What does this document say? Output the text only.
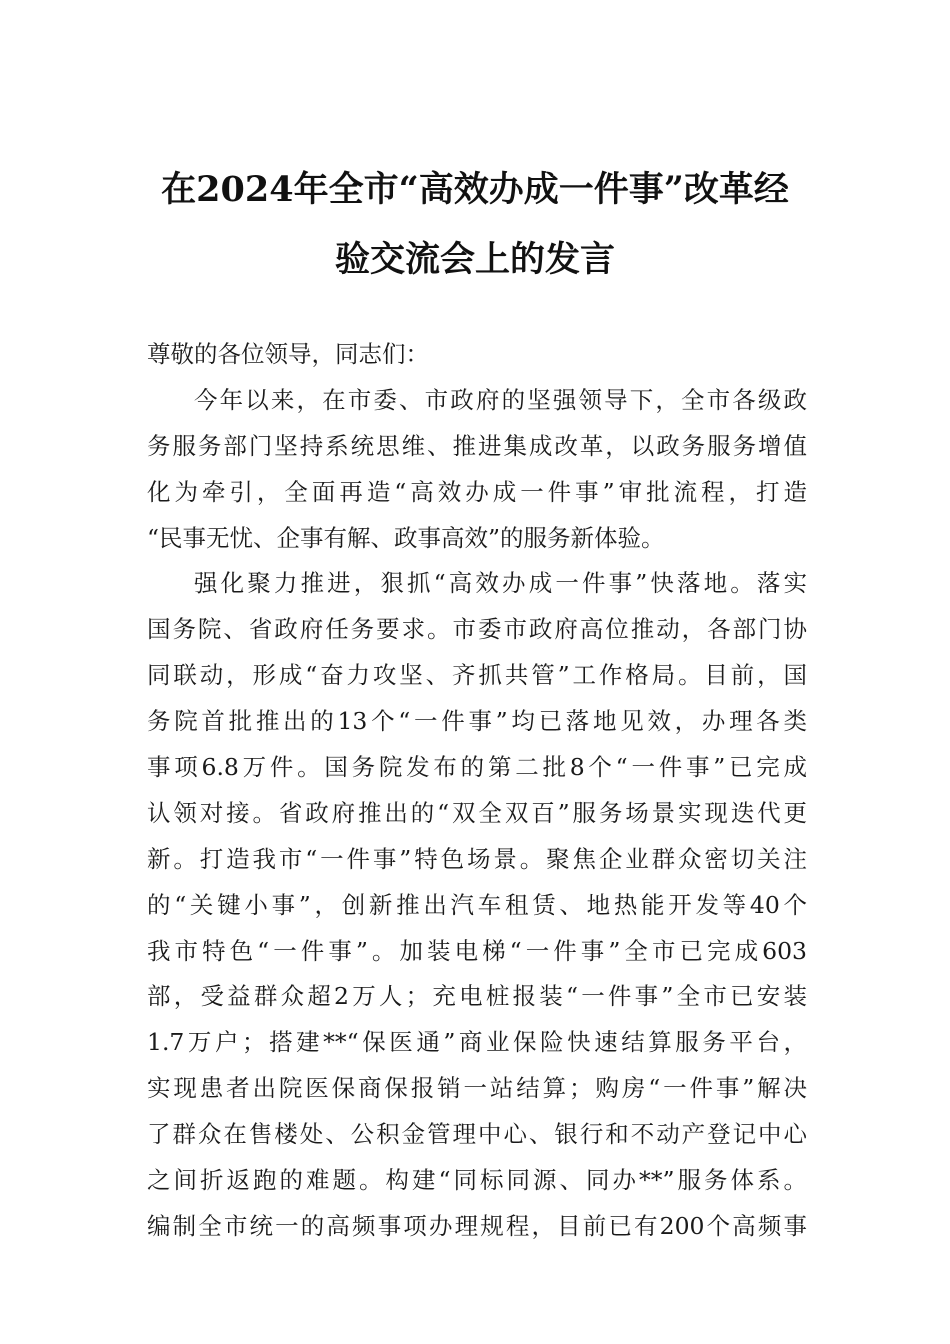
在2024年全市“高效办成一件事”改革经
验交流会上的发言
尊敬的各位领导，同志们：
今年以来，在市委、市政府的坚强领导下，全市各级政
务服务部门坚持系统思维、推进集成改革，以政务服务增值
化为牵引，全面再造“高效办成一件事”审批流程，打造
“民事无忧、企事有解、政事高效”的服务新体验。
强化聚力推进，狠抓“高效办成一件事”快落地。落实
国务院、省政府任务要求。市委市政府高位推动，各部门协
同联动，形成“奋力攻坚、齐抓共管”工作格局。目前，国
务院首批推出的13个“一件事”均已落地见效，办理各类
事项6.8万件。国务院发布的第二批8个“一件事”已完成
认领对接。省政府推出的“双全双百”服务场景实现迭代更
新。打造我市“一件事”特色场景。聚焦企业群众密切关注
的“关键小事”，创新推出汽车租赁、地热能开发等40个
我市特色“一件事”。加装电梯“一件事”全市已完成603
部，受益群众超2万人；充电桩报装“一件事”全市已安装
1.7万户；搭建**“保医通”商业保险快速结算服务平台，
实现患者出院医保商保报销一站结算；购房“一件事”解决
了群众在售楼处、公积金管理中心、银行和不动产登记中心
之间折返跑的难题。构建“同标同源、同办**”服务体系。
编制全市统一的高频事项办理规程，目前已有200个高频事
